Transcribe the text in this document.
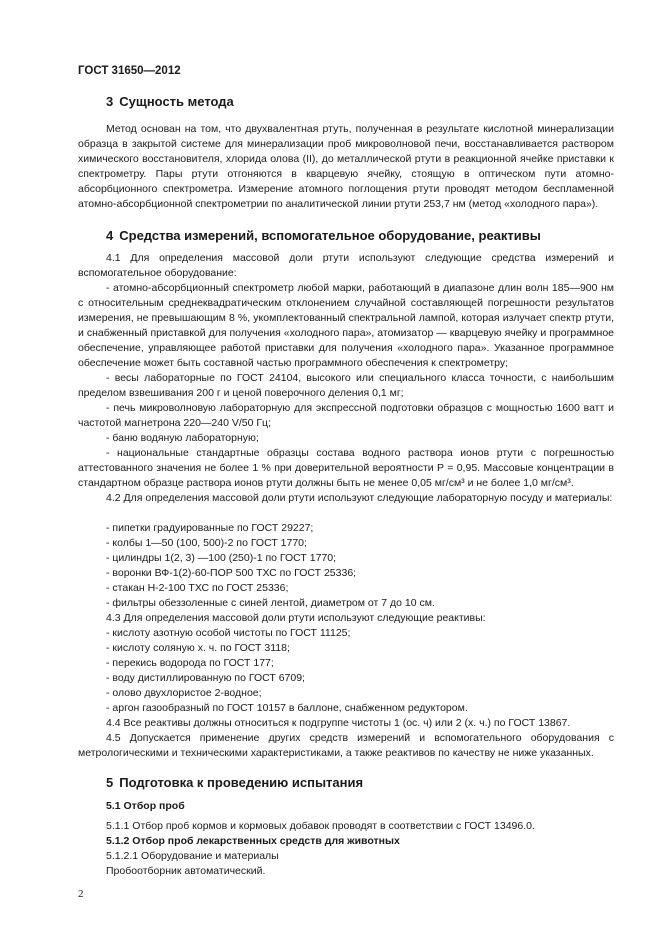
ГОСТ 31650—2012
3 Сущность метода
Метод основан на том, что двухвалентная ртуть, полученная в результате кислотной минерализации образца в закрытой системе для минерализации проб микроволновой печи, восстанавливается раствором химического восстановителя, хлорида олова (II), до металлической ртути в реакционной ячейке приставки к спектрометру. Пары ртути отгоняются в кварцевую ячейку, стоящую в оптическом пути атомно-абсорбционного спектрометра. Измерение атомного поглощения ртути проводят методом беспламенной атомно-абсорбционной спектрометрии по аналитической линии ртути 253,7 нм (метод «холодного пара»).
4 Средства измерений, вспомогательное оборудование, реактивы
4.1 Для определения массовой доли ртути используют следующие средства измерений и вспомогательное оборудование:
- атомно-абсорбционный спектрометр любой марки, работающий в диапазоне длин волн 185—900 нм с относительным среднеквадратическим отклонением случайной составляющей погрешности результатов измерения, не превышающим 8 %, укомплектованный спектральной лампой, которая излучает спектр ртути, и снабженный приставкой для получения «холодного пара», атомизатор — кварцевую ячейку и программное обеспечение, управляющее работой приставки для получения «холодного пара». Указанное программное обеспечение может быть составной частью программного обеспечения к спектрометру;
- весы лабораторные по ГОСТ 24104, высокого или специального класса точности, с наибольшим пределом взвешивания 200 г и ценой поверочного деления 0,1 мг;
- печь микроволновую лабораторную для экспрессной подготовки образцов с мощностью 1600 ватт и частотой магнетрона 220—240 V/50 Гц;
- баню водяную лабораторную;
- национальные стандартные образцы состава водного раствора ионов ртути с погрешностью аттестованного значения не более 1 % при доверительной вероятности P = 0,95. Массовые концентрации в стандартном образце раствора ионов ртути должны быть не менее 0,05 мг/см³ и не более 1,0 мг/см³.
4.2 Для определения массовой доли ртути используют следующие лабораторную посуду и материалы:
- пипетки градуированные по ГОСТ 29227;
- колбы 1—50 (100, 500)-2 по ГОСТ 1770;
- цилиндры 1(2, 3) —100 (250)-1 по ГОСТ 1770;
- воронки ВФ-1(2)-60-ПОР 500 ТХС по ГОСТ 25336;
- стакан Н-2-100 ТХС по ГОСТ 25336;
- фильтры обеззоленные с синей лентой, диаметром от 7 до 10 см.
4.3 Для определения массовой доли ртути используют следующие реактивы:
- кислоту азотную особой чистоты по ГОСТ 11125;
- кислоту соляную х. ч. по ГОСТ 3118;
- перекись водорода по ГОСТ 177;
- воду дистиллированную по ГОСТ 6709;
- олово двухлористое 2-водное;
- аргон газообразный по ГОСТ 10157 в баллоне, снабженном редуктором.
4.4 Все реактивы должны относиться к подгруппе чистоты 1 (ос. ч) или 2 (х. ч.) по ГОСТ 13867.
4.5 Допускается применение других средств измерений и вспомогательного оборудования с метрологическими и техническими характеристиками, а также реактивов по качеству не ниже указанных.
5 Подготовка к проведению испытания
5.1 Отбор проб
5.1.1 Отбор проб кормов и кормовых добавок проводят в соответствии с ГОСТ 13496.0.
5.1.2 Отбор проб лекарственных средств для животных
5.1.2.1 Оборудование и материалы
Пробоотборник автоматический.
2
